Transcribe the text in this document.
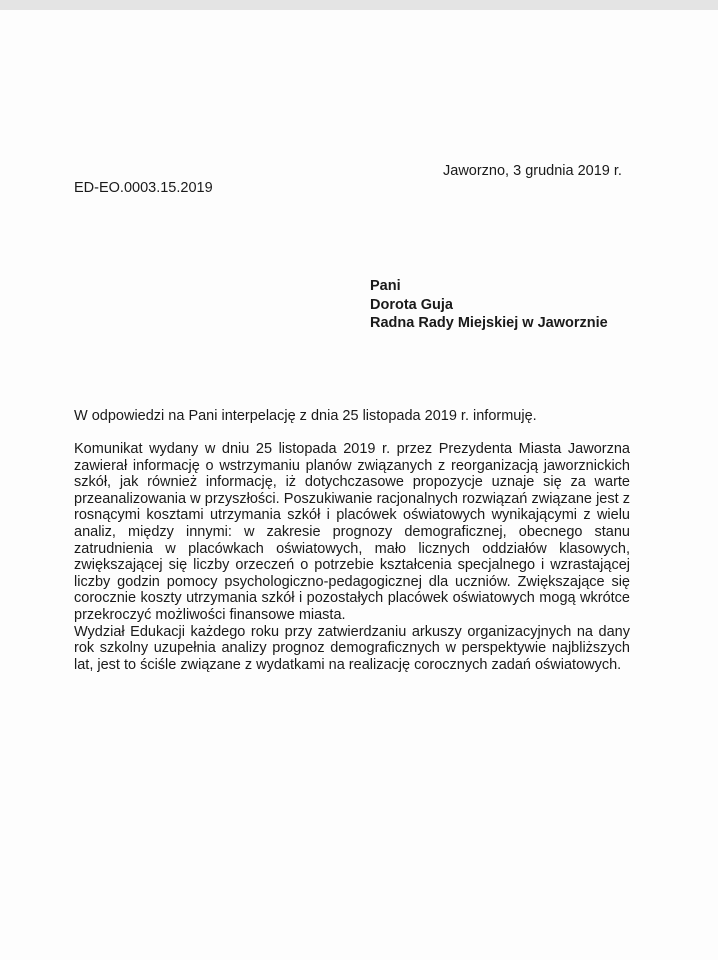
Jaworzno, 3 grudnia 2019 r.
ED-EO.0003.15.2019
Pani
Dorota Guja
Radna Rady Miejskiej w Jaworznie
W odpowiedzi na Pani interpelację z dnia 25 listopada 2019 r. informuję.

Komunikat wydany w dniu 25 listopada 2019 r. przez Prezydenta Miasta Jaworzna zawierał informację o wstrzymaniu planów związanych z reorganizacją jaworznickich szkół, jak również informację, iż dotychczasowe propozycje uznaje się za warte przeanalizowania w przyszłości. Poszukiwanie racjonalnych rozwiązań związane jest z rosnącymi kosztami utrzymania szkół i placówek oświatowych wynikającymi z wielu analiz, między innymi: w zakresie prognozy demograficznej, obecnego stanu zatrudnienia w placówkach oświatowych, mało licznych oddziałów klasowych, zwiększającej się liczby orzeczeń o potrzebie kształcenia specjalnego i wzrastającej liczby godzin pomocy psychologiczno-pedagogicznej dla uczniów. Zwiększające się corocznie koszty utrzymania szkół i pozostałych placówek oświatowych mogą wkrótce przekroczyć możliwości finansowe miasta.

Wydział Edukacji każdego roku przy zatwierdzaniu arkuszy organizacyjnych na dany rok szkolny uzupełnia analizy prognoz demograficznych w perspektywie najbliższych lat, jest to ściśle związane z wydatkami na realizację corocznych zadań oświatowych.
